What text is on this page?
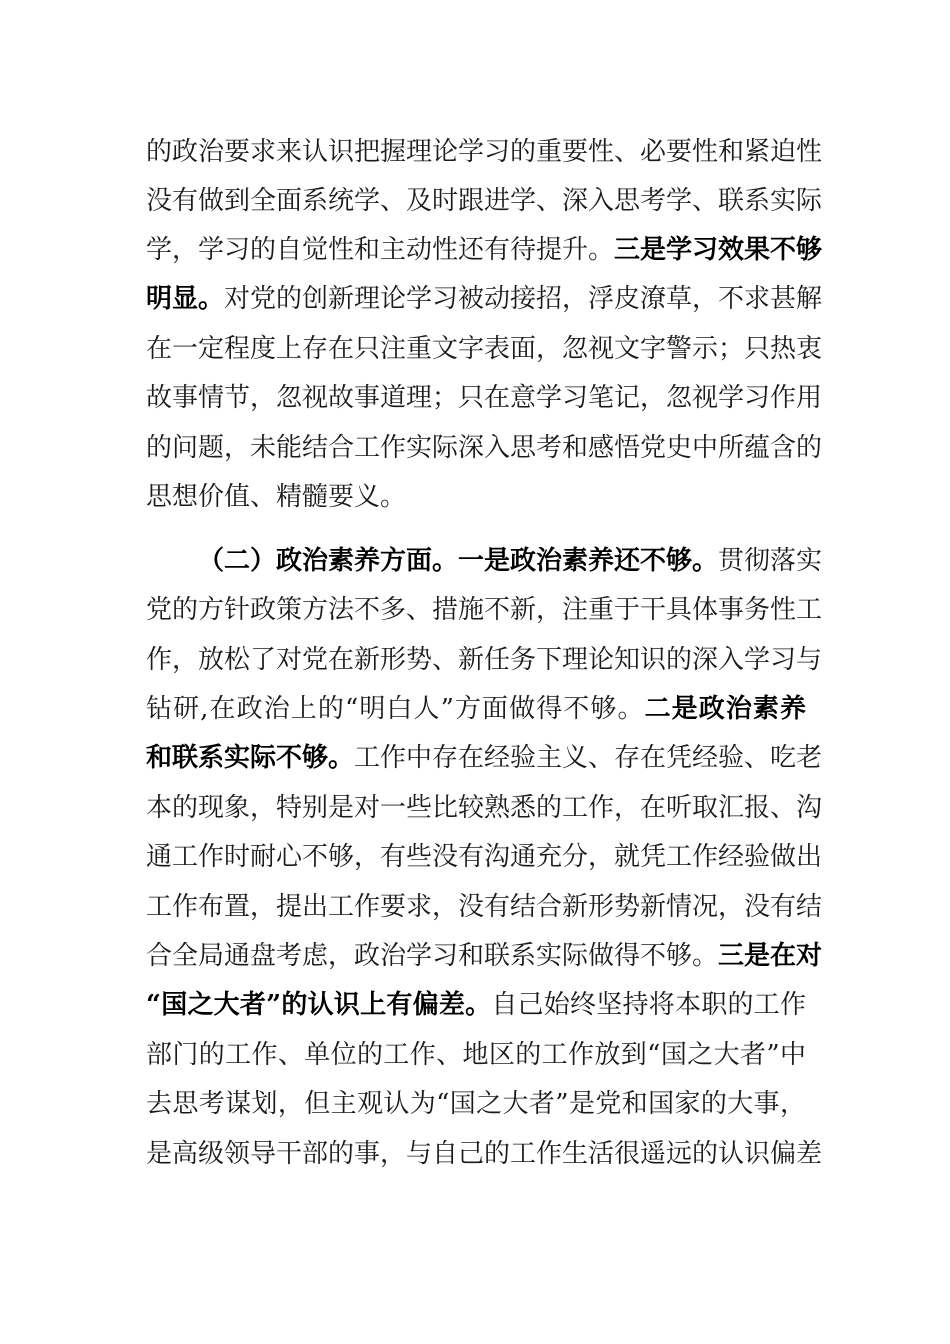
的政治要求来认识把握理论学习的重要性、必要性和紧迫性
没有做到全面系统学、及时跟进学、深入思考学、联系实际
学，学习的自觉性和主动性还有待提升。三是学习效果不够
明显。对党的创新理论学习被动接招，浮皮潦草，不求甚解
在一定程度上存在只注重文字表面，忽视文字警示；只热衷
故事情节，忽视故事道理；只在意学习笔记，忽视学习作用
的问题，未能结合工作实际深入思考和感悟党史中所蕴含的
思想价值、精髓要义。
（二）政治素养方面。一是政治素养还不够。贯彻落实
党的方针政策方法不多、措施不新，注重于干具体事务性工
作，放松了对党在新形势、新任务下理论知识的深入学习与
钻研,在政治上的“明白人”方面做得不够。二是政治素养
和联系实际不够。工作中存在经验主义、存在凭经验、吃老
本的现象，特别是对一些比较熟悉的工作，在听取汇报、沟
通工作时耐心不够，有些没有沟通充分，就凭工作经验做出
工作布置，提出工作要求，没有结合新形势新情况，没有结
合全局通盘考虑，政治学习和联系实际做得不够。三是在对
“国之大者”的认识上有偏差。自己始终坚持将本职的工作
部门的工作、单位的工作、地区的工作放到“国之大者”中
去思考谋划，但主观认为“国之大者”是党和国家的大事，
是高级领导干部的事，与自己的工作生活很遥远的认识偏差
